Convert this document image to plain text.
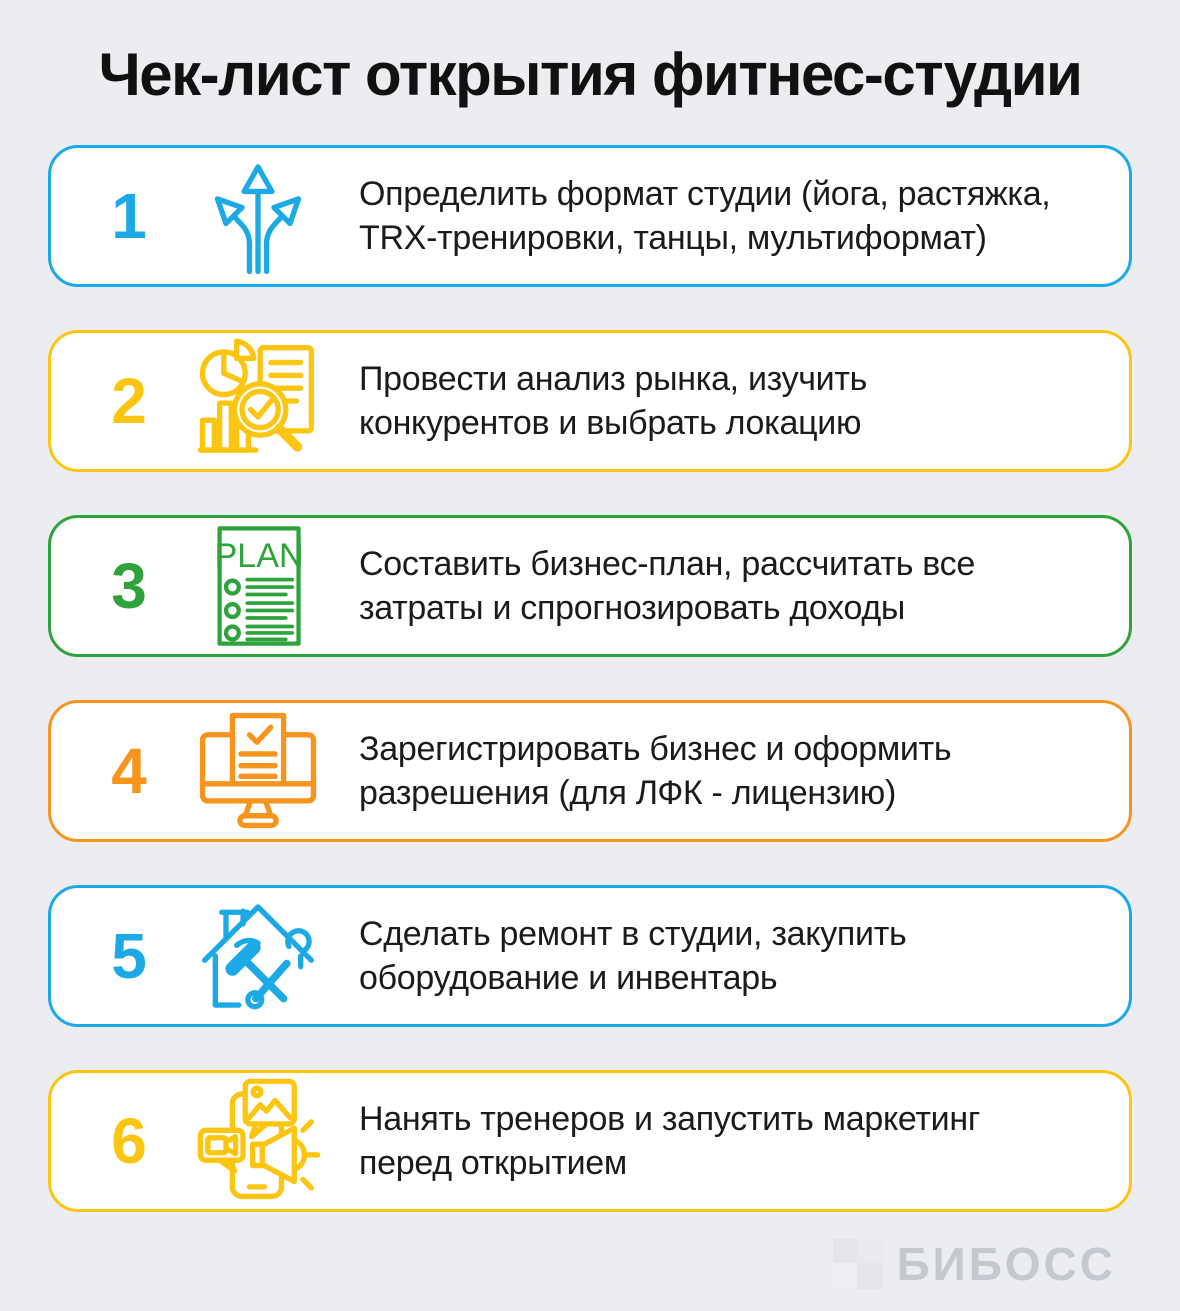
Чек-лист открытия фитнес-студии
1	Определить формат студии (йога, растяжка,
TRX-тренировки, танцы, мультиформат)
2	Провести анализ рынка, изучить
конкурентов и выбрать локацию
3	PLAN Составить бизнес-план, рассчитать все
затраты и спрогнозировать доходы
4	Зарегистрировать бизнес и оформить
разрешения (для ЛФК - лицензию)
5	Сделать ремонт в студии, закупить
оборудование и инвентарь
6	Нанять тренеров и запустить маркетинг
перед открытием
БИБОСС
